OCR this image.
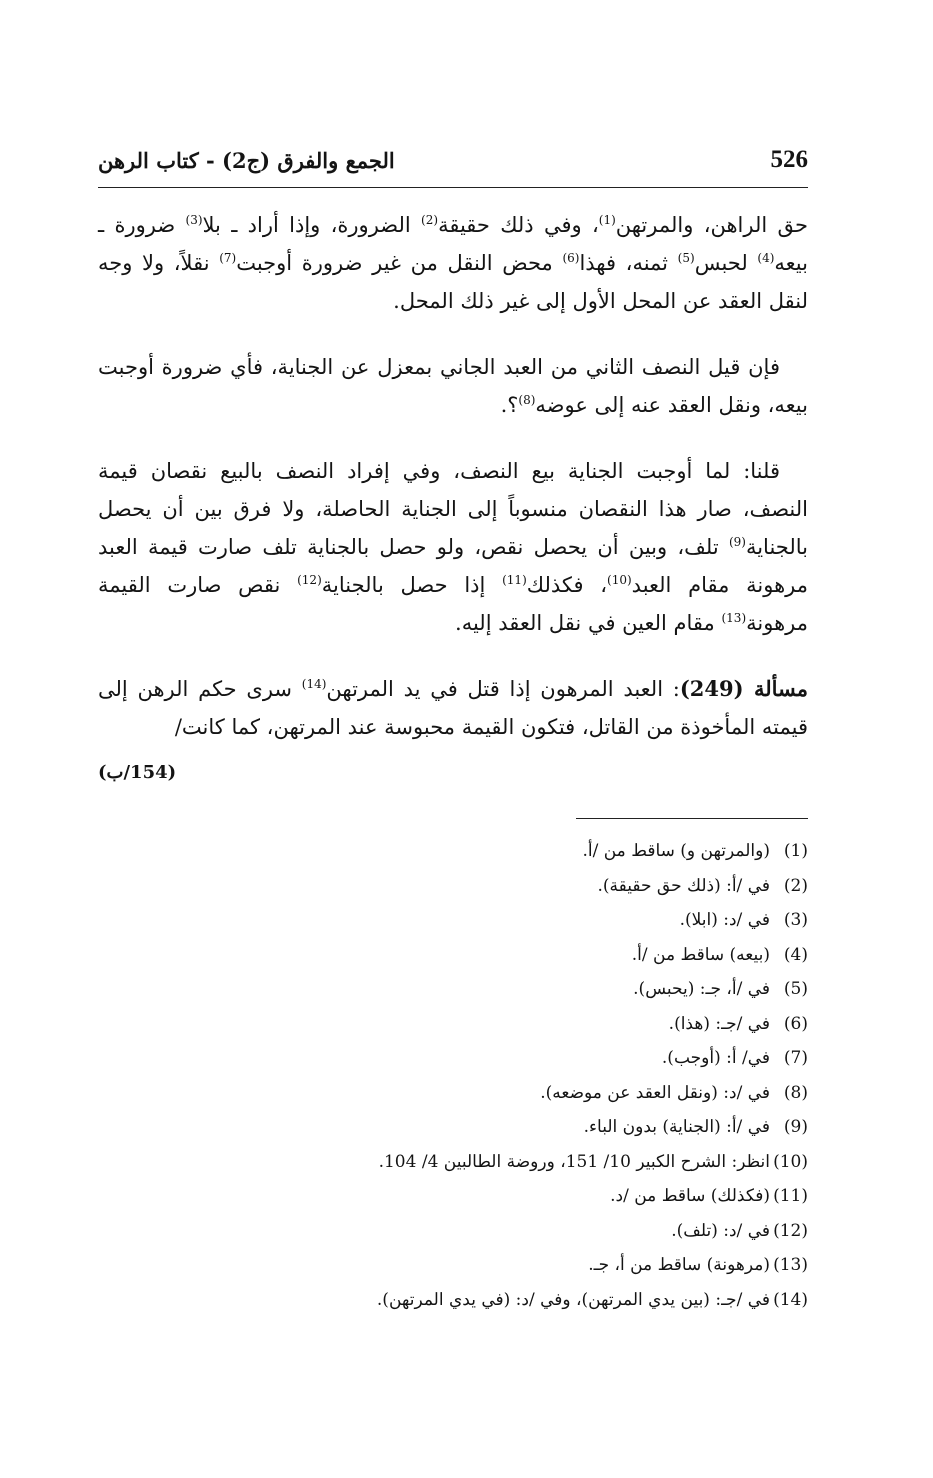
526
الجمع والفرق (ج2) - كتاب الرهن

حق الراهن، والمرتهن$^{(1)}$، وفي ذلك حقيقة$^{(2)}$ الضرورة، وإذا أراد ـ بلا$^{(3)}$ ضرورة ـ بيعه$^{(4)}$ لحبس$^{(5)}$ ثمنه، فهذا$^{(6)}$ محض النقل من غير ضرورة أوجبت$^{(7)}$ نقلاً، ولا وجه لنقل العقد عن المحل الأول إلى غير ذلك المحل.

فإن قيل النصف الثاني من العبد الجاني بمعزل عن الجناية، فأي ضرورة أوجبت بيعه، ونقل العقد عنه إلى عوضه$^{(8)}$؟.

قلنا: لما أوجبت الجناية بيع النصف، وفي إفراد النصف بالبيع نقصان قيمة النصف، صار هذا النقصان منسوباً إلى الجناية الحاصلة، ولا فرق بين أن يحصل بالجناية$^{(9)}$ تلف، وبين أن يحصل نقص، ولو حصل بالجناية تلف صارت قيمة العبد مرهونة مقام العبد$^{(10)}$، فكذلك$^{(11)}$ إذا حصل بالجناية$^{(12)}$ نقص صارت القيمة مرهونة$^{(13)}$ مقام العين في نقل العقد إليه.

مسألة (249): العبد المرهون إذا قتل في يد المرتهن$^{(14)}$ سرى حكم الرهن إلى قيمته المأخوذة من القاتل، فتكون القيمة محبوسة عند المرتهن، كما كانت/

(154/ب)
(1)(والمرتهن و) ساقط من /أ.
(2)في /أ: (ذلك حق حقيقة).
(3)في /د: (ابلا).
(4)(بيعه) ساقط من /أ.
(5)في /أ، جـ: (يحبس).
(6)في /جـ: (هذا).
(7)في/ أ: (أوجب).
(8)في /د: (ونقل العقد عن موضعه).
(9)في /أ: (الجناية) بدون الباء.
(10)انظر: الشرح الكبير 10/ 151، وروضة الطالبين 4/ 104.
(11)(فكذلك) ساقط من /د.
(12)في /د: (تلف).
(13)(مرهونة) ساقط من أ، جـ.
(14)في /جـ: (بين يدي المرتهن)، وفي /د: (في يدي المرتهن).
